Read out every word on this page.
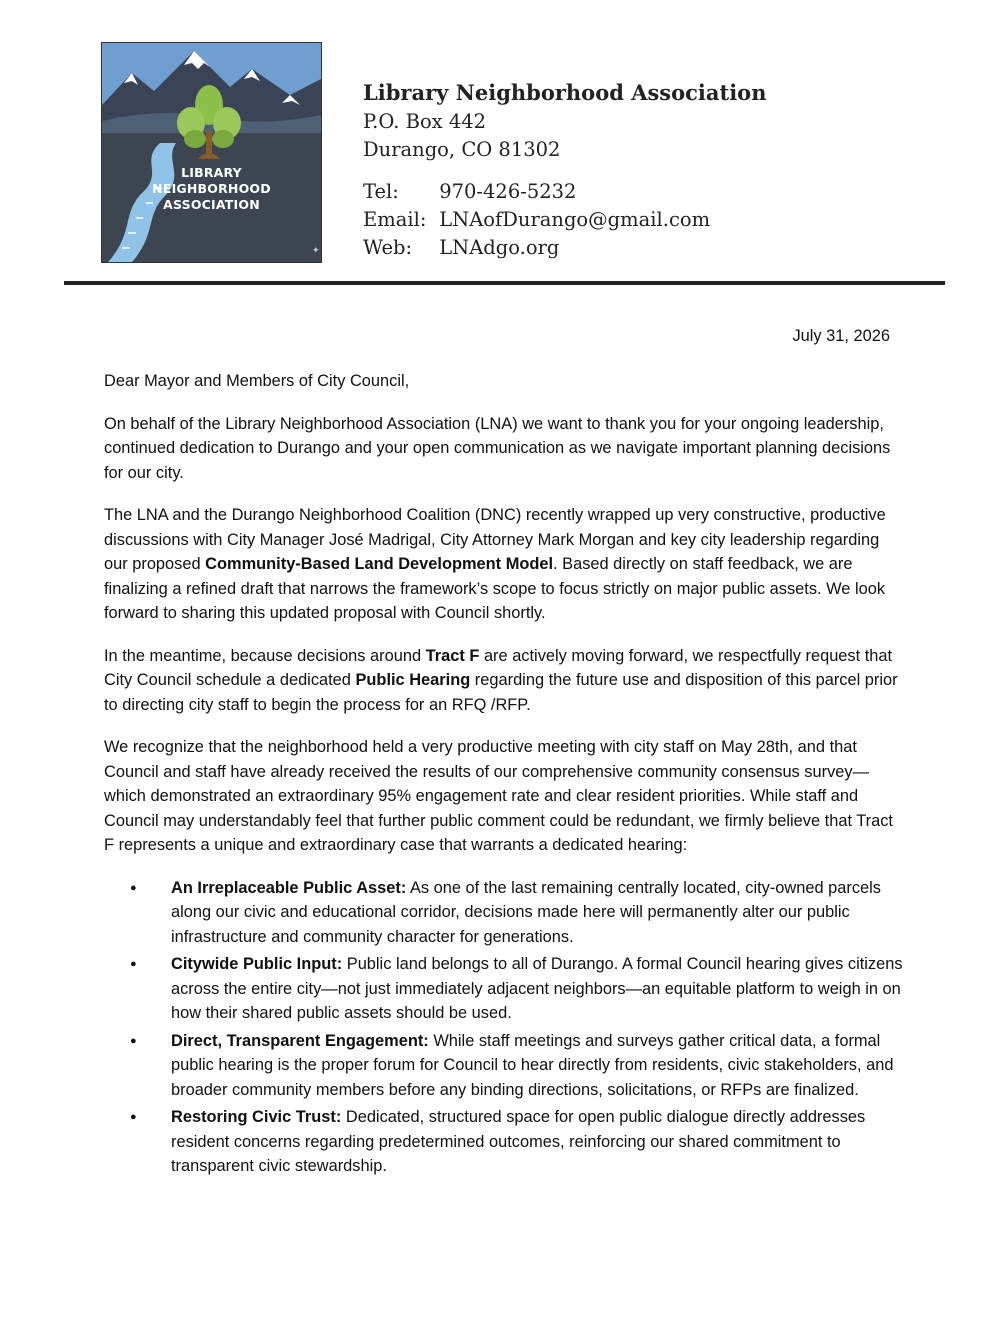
✦
LIBRARY
NEIGHBORHOOD
ASSOCIATION
Library Neighborhood Association
P.O. Box 442
Durango, CO 81302
Tel: 970-426-5232
Email: LNAofDurango@gmail.com
Web: LNAdgo.org
July 31, 2026

Dear Mayor and Members of City Council,

On behalf of the Library Neighborhood Association (LNA) we want to thank you for your ongoing leadership, continued dedication to Durango and your open communication as we navigate important planning decisions for our city.

The LNA and the Durango Neighborhood Coalition (DNC) recently wrapped up very constructive, productive discussions with City Manager José Madrigal, City Attorney Mark Morgan and key city leadership regarding our proposed Community-Based Land Development Model. Based directly on staff feedback, we are finalizing a refined draft that narrows the framework’s scope to focus strictly on major public assets. We look forward to sharing this updated proposal with Council shortly.

In the meantime, because decisions around Tract F are actively moving forward, we respectfully request that City Council schedule a dedicated Public Hearing regarding the future use and disposition of this parcel prior to directing city staff to begin the process for an RFQ /RFP.

We recognize that the neighborhood held a very productive meeting with city staff on May 28th, and that Council and staff have already received the results of our comprehensive community consensus survey—which demonstrated an extraordinary 95% engagement rate and clear resident priorities. While staff and Council may understandably feel that further public comment could be redundant, we firmly believe that Tract F represents a unique and extraordinary case that warrants a dedicated hearing:

● An Irreplaceable Public Asset: As one of the last remaining centrally located, city-owned parcels along our civic and educational corridor, decisions made here will permanently alter our public infrastructure and community character for generations.
● Citywide Public Input: Public land belongs to all of Durango. A formal Council hearing gives citizens across the entire city—not just immediately adjacent neighbors—an equitable platform to weigh in on how their shared public assets should be used.
● Direct, Transparent Engagement: While staff meetings and surveys gather critical data, a formal public hearing is the proper forum for Council to hear directly from residents, civic stakeholders, and broader community members before any binding directions, solicitations, or RFPs are finalized.
● Restoring Civic Trust: Dedicated, structured space for open public dialogue directly addresses resident concerns regarding predetermined outcomes, reinforcing our shared commitment to transparent civic stewardship.
